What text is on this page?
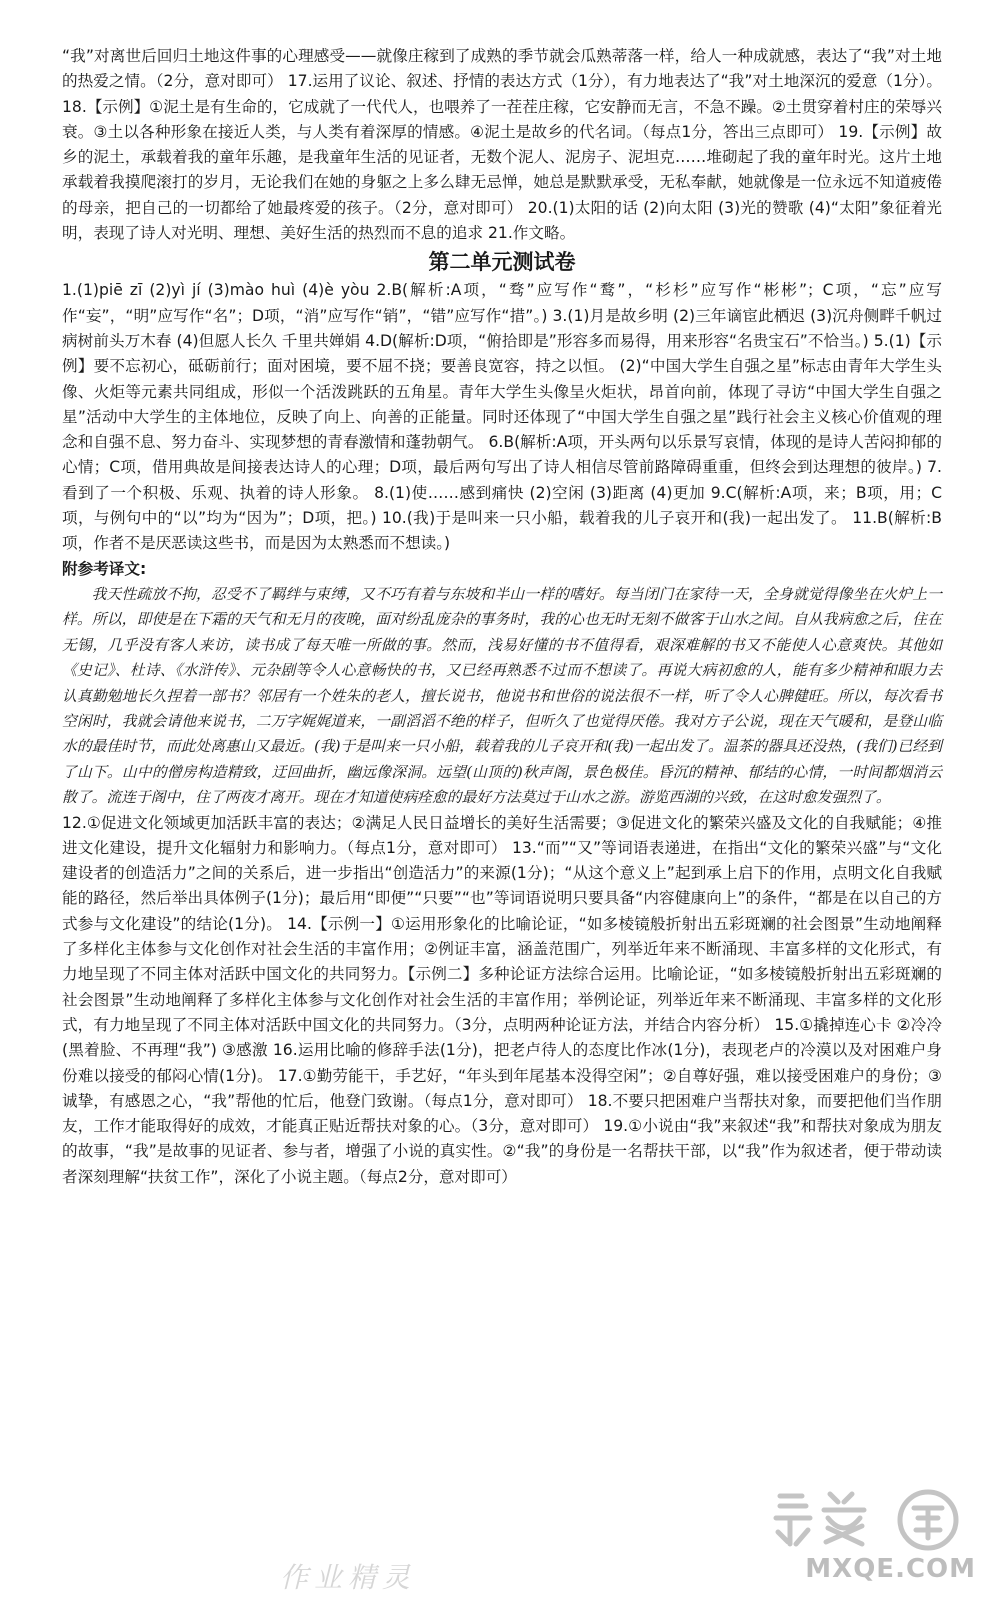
“我”对离世后回归土地这件事的心理感受——就像庄稼到了成熟的季节就会瓜熟蒂落一样，给人一种成就感，表达了“我”对土地的热爱之情。（2分，意对即可） 17.运用了议论、叙述、抒情的表达方式（1分），有力地表达了“我”对土地深沉的爱意（1分）。 18.【示例】①泥土是有生命的，它成就了一代代人，也喂养了一茬茬庄稼，它安静而无言，不急不躁。②土贯穿着村庄的荣辱兴衰。③土以各种形象在接近人类，与人类有着深厚的情感。④泥土是故乡的代名词。（每点1分，答出三点即可） 19.【示例】故乡的泥土，承载着我的童年乐趣，是我童年生活的见证者，无数个泥人、泥房子、泥坦克……堆砌起了我的童年时光。这片土地承载着我摸爬滚打的岁月，无论我们在她的身躯之上多么肆无忌惮，她总是默默承受，无私奉献，她就像是一位永远不知道疲倦的母亲，把自己的一切都给了她最疼爱的孩子。（2分，意对即可） 20.(1)太阳的话 (2)向太阳 (3)光的赞歌 (4)“太阳”象征着光明，表现了诗人对光明、理想、美好生活的热烈而不息的追求 21.作文略。

第二单元测试卷

1.(1)piē zī (2)yì jí (3)mào huì (4)è yòu 2.B(解析:A项，“骛”应写作“鹜”，“杉杉”应写作“彬彬”；C项，“忘”应写作“妄”，“明”应写作“名”；D项，“消”应写作“销”，“错”应写作“措”。) 3.(1)月是故乡明 (2)三年谪宦此栖迟 (3)沉舟侧畔千帆过 病树前头万木春 (4)但愿人长久 千里共婵娟 4.D(解析:D项，“俯拾即是”形容多而易得，用来形容“名贵宝石”不恰当。) 5.(1)【示例】要不忘初心，砥砺前行；面对困境，要不屈不挠；要善良宽容，持之以恒。 (2)“中国大学生自强之星”标志由青年大学生头像、火炬等元素共同组成，形似一个活泼跳跃的五角星。青年大学生头像呈火炬状，昂首向前，体现了寻访“中国大学生自强之星”活动中大学生的主体地位，反映了向上、向善的正能量。同时还体现了“中国大学生自强之星”践行社会主义核心价值观的理念和自强不息、努力奋斗、实现梦想的青春激情和蓬勃朝气。 6.B(解析:A项，开头两句以乐景写哀情，体现的是诗人苦闷抑郁的心情；C项，借用典故是间接表达诗人的心理；D项，最后两句写出了诗人相信尽管前路障碍重重，但终会到达理想的彼岸。) 7.看到了一个积极、乐观、执着的诗人形象。 8.(1)使……感到痛快 (2)空闲 (3)距离 (4)更加 9.C(解析:A项，来；B项，用；C项，与例句中的“以”均为“因为”；D项，把。) 10.(我)于是叫来一只小船，载着我的儿子哀开和(我)一起出发了。 11.B(解析:B项，作者不是厌恶读这些书，而是因为太熟悉而不想读。)

附参考译文:

我天性疏放不拘，忍受不了羁绊与束缚，又不巧有着与东坡和半山一样的嗜好。每当闭门在家待一天，全身就觉得像坐在火炉上一样。所以，即使是在下霜的天气和无月的夜晚，面对纷乱庞杂的事务时，我的心也无时无刻不做客于山水之间。自从我病愈之后，住在无锡，几乎没有客人来访，读书成了每天唯一所做的事。然而，浅易好懂的书不值得看，艰深难解的书又不能使人心意爽快。其他如《史记》、杜诗、《水浒传》、元杂剧等令人心意畅快的书，又已经再熟悉不过而不想读了。再说大病初愈的人，能有多少精神和眼力去认真勤勉地长久捏着一部书？邻居有一个姓朱的老人，擅长说书，他说书和世俗的说法很不一样，听了令人心脾健旺。所以，每次看书空闲时，我就会请他来说书，二万字娓娓道来，一副滔滔不绝的样子，但听久了也觉得厌倦。我对方子公说，现在天气暖和，是登山临水的最佳时节，而此处离惠山又最近。(我)于是叫来一只小船，载着我的儿子哀开和(我)一起出发了。温茶的器具还没热，(我们)已经到了山下。山中的僧房构造精致，迂回曲折，幽远像深洞。远望(山顶的)秋声阁，景色极佳。昏沉的精神、郁结的心情，一时间都烟消云散了。流连于阁中，住了两夜才离开。现在才知道使病痊愈的最好方法莫过于山水之游。游览西湖的兴致，在这时愈发强烈了。

12.①促进文化领域更加活跃丰富的表达；②满足人民日益增长的美好生活需要；③促进文化的繁荣兴盛及文化的自我赋能；④推进文化建设，提升文化辐射力和影响力。（每点1分，意对即可） 13.“而”“又”等词语表递进，在指出“文化的繁荣兴盛”与“文化建设者的创造活力”之间的关系后，进一步指出“创造活力”的来源(1分)；“从这个意义上”起到承上启下的作用，点明文化自我赋能的路径，然后举出具体例子(1分)；最后用“即便”“只要”“也”等词语说明只要具备“内容健康向上”的条件，“都是在以自己的方式参与文化建设”的结论(1分)。 14.【示例一】①运用形象化的比喻论证，“如多棱镜般折射出五彩斑斓的社会图景”生动地阐释了多样化主体参与文化创作对社会生活的丰富作用；②例证丰富，涵盖范围广，列举近年来不断涌现、丰富多样的文化形式，有力地呈现了不同主体对活跃中国文化的共同努力。【示例二】多种论证方法综合运用。比喻论证，“如多棱镜般折射出五彩斑斓的社会图景”生动地阐释了多样化主体参与文化创作对社会生活的丰富作用；举例论证，列举近年来不断涌现、丰富多样的文化形式，有力地呈现了不同主体对活跃中国文化的共同努力。（3分，点明两种论证方法，并结合内容分析） 15.①撬掉连心卡 ②冷冷(黑着脸、不再理“我”) ③感激 16.运用比喻的修辞手法(1分)，把老卢待人的态度比作冰(1分)，表现老卢的冷漠以及对困难户身份难以接受的郁闷心情(1分)。 17.①勤劳能干，手艺好，“年头到年尾基本没得空闲”；②自尊好强，难以接受困难户的身份；③诚挚，有感恩之心，“我”帮他的忙后，他登门致谢。（每点1分，意对即可） 18.不要只把困难户当帮扶对象，而要把他们当作朋友，工作才能取得好的成效，才能真正贴近帮扶对象的心。（3分，意对即可） 19.①小说由“我”来叙述“我”和帮扶对象成为朋友的故事，“我”是故事的见证者、参与者，增强了小说的真实性。②“我”的身份是一名帮扶干部，以“我”作为叙述者，便于带动读者深刻理解“扶贫工作”，深化了小说主题。（每点2分，意对即可）

MXQE.COM
作业精灵
